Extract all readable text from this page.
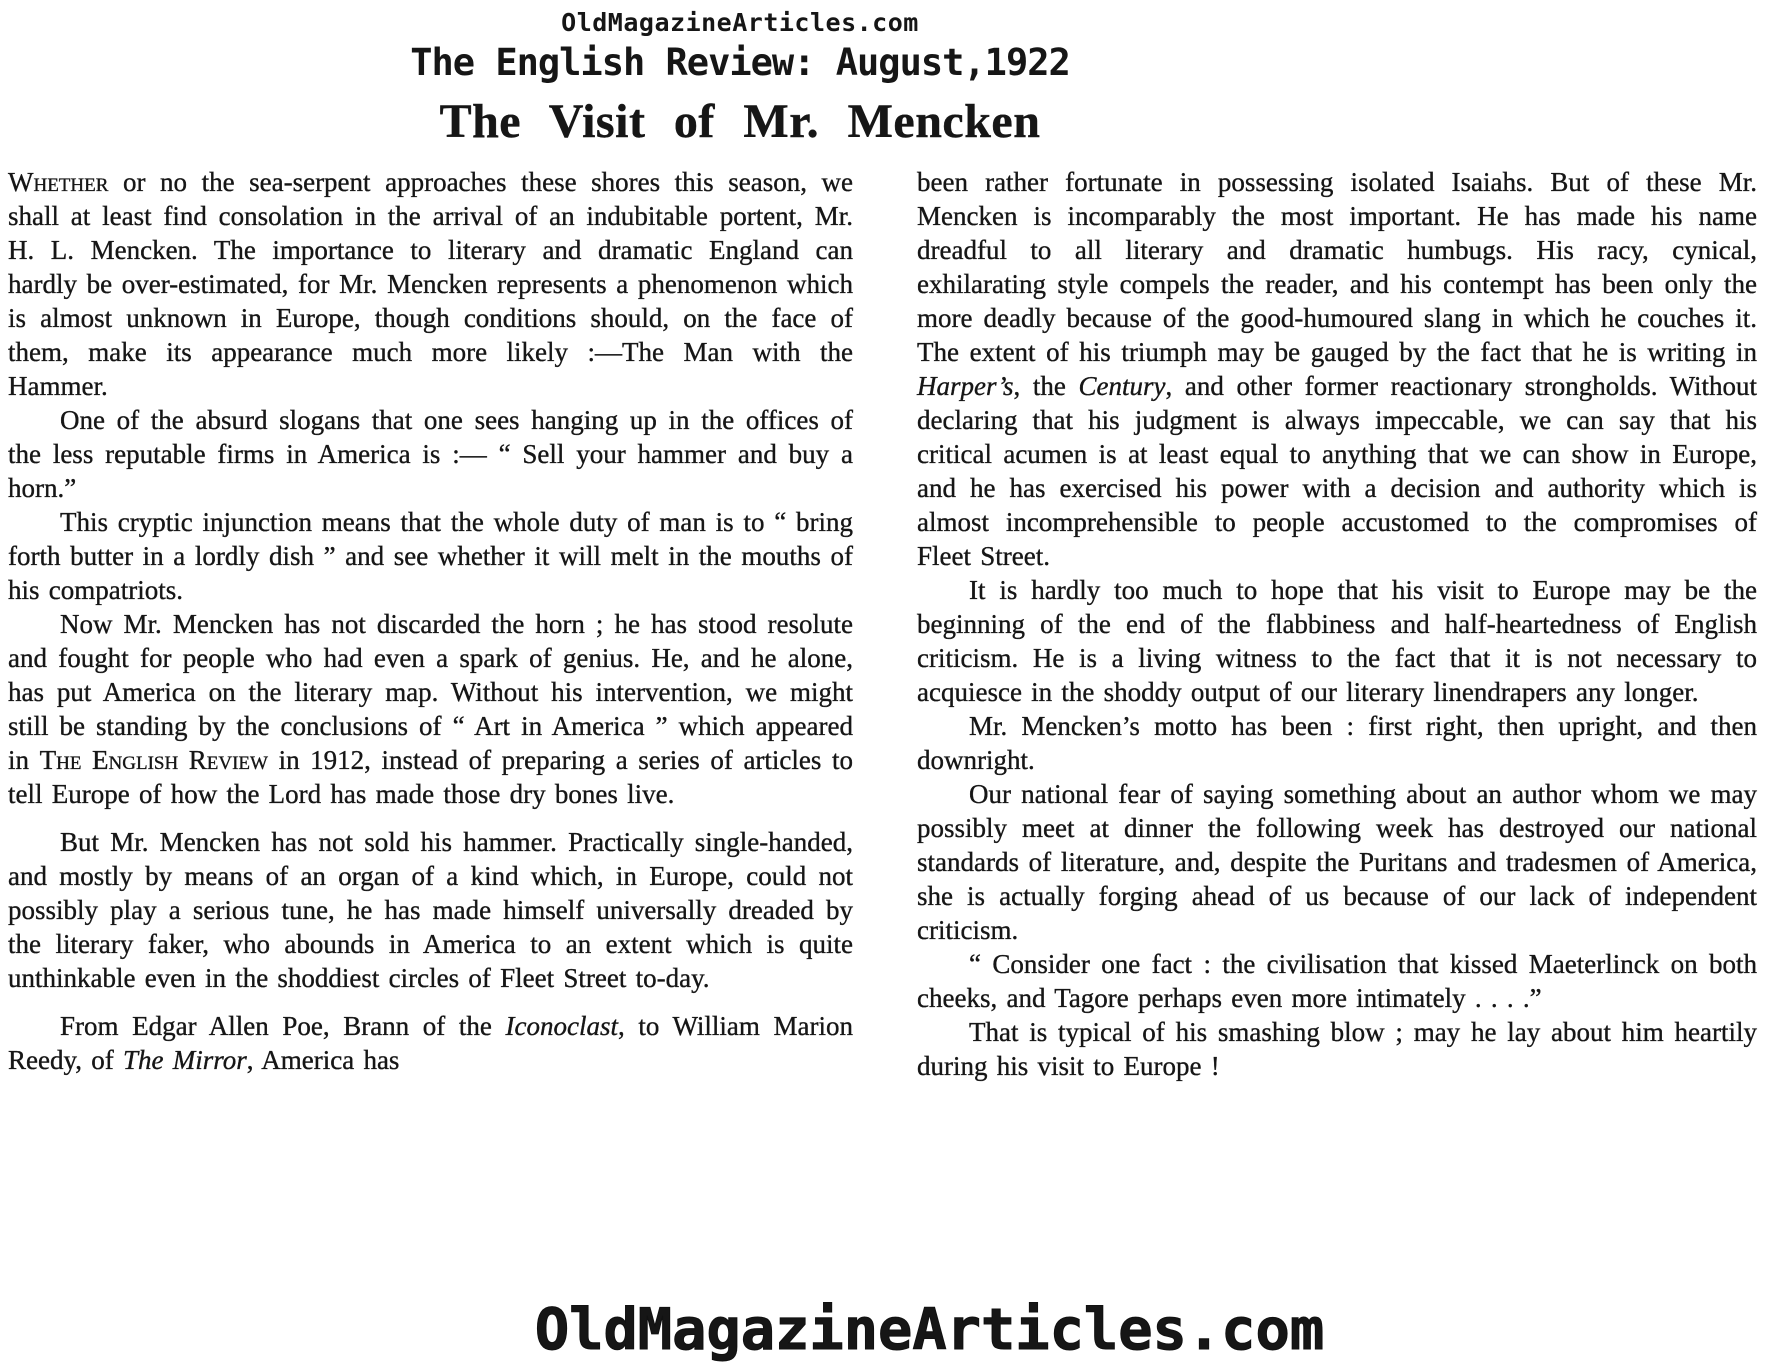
OldMagazineArticles.com
The English Review: August,1922
The Visit of Mr. Mencken

Whether or no the sea-serpent approaches these shores this season, we shall at least find consolation in the arrival of an indubitable portent, Mr. H. L. Mencken. The importance to literary and dramatic England can hardly be over-estimated, for Mr. Mencken represents a phenomenon which is almost unknown in Europe, though conditions should, on the face of them, make its appearance much more likely :—The Man with the Hammer.

One of the absurd slogans that one sees hanging up in the offices of the less reputable firms in America is :— “ Sell your hammer and buy a horn.”

This cryptic injunction means that the whole duty of man is to “ bring forth butter in a lordly dish ” and see whether it will melt in the mouths of his compatriots.

Now Mr. Mencken has not discarded the horn ; he has stood resolute and fought for people who had even a spark of genius. He, and he alone, has put America on the literary map. Without his intervention, we might still be standing by the conclusions of “ Art in America ” which appeared in The English Review in 1912, instead of preparing a series of articles to tell Europe of how the Lord has made those dry bones live.

But Mr. Mencken has not sold his hammer. Practically single-handed, and mostly by means of an organ of a kind which, in Europe, could not possibly play a serious tune, he has made himself universally dreaded by the literary faker, who abounds in America to an extent which is quite unthinkable even in the shoddiest circles of Fleet Street to-day.

From Edgar Allen Poe, Brann of the Iconoclast, to William Marion Reedy, of The Mirror, America has

been rather fortunate in possessing isolated Isaiahs. But of these Mr. Mencken is incomparably the most important. He has made his name dreadful to all literary and dramatic humbugs. His racy, cynical, exhilarating style compels the reader, and his contempt has been only the more deadly because of the good-humoured slang in which he couches it. The extent of his triumph may be gauged by the fact that he is writing in Harper’s, the Century, and other former reactionary strongholds. Without declaring that his judgment is always impeccable, we can say that his critical acumen is at least equal to anything that we can show in Europe, and he has exercised his power with a decision and authority which is almost incomprehensible to people accustomed to the compromises of Fleet Street.

It is hardly too much to hope that his visit to Europe may be the beginning of the end of the flabbiness and half-heartedness of English criticism. He is a living witness to the fact that it is not necessary to acquiesce in the shoddy output of our literary linendrapers any longer.

Mr. Mencken’s motto has been : first right, then upright, and then downright.

Our national fear of saying something about an author whom we may possibly meet at dinner the following week has destroyed our national standards of literature, and, despite the Puritans and tradesmen of America, she is actually forging ahead of us because of our lack of independent criticism.

“ Consider one fact : the civilisation that kissed Maeterlinck on both cheeks, and Tagore perhaps even more intimately . . . .”

That is typical of his smashing blow ; may he lay about him heartily during his visit to Europe !

OldMagazineArticles.com
